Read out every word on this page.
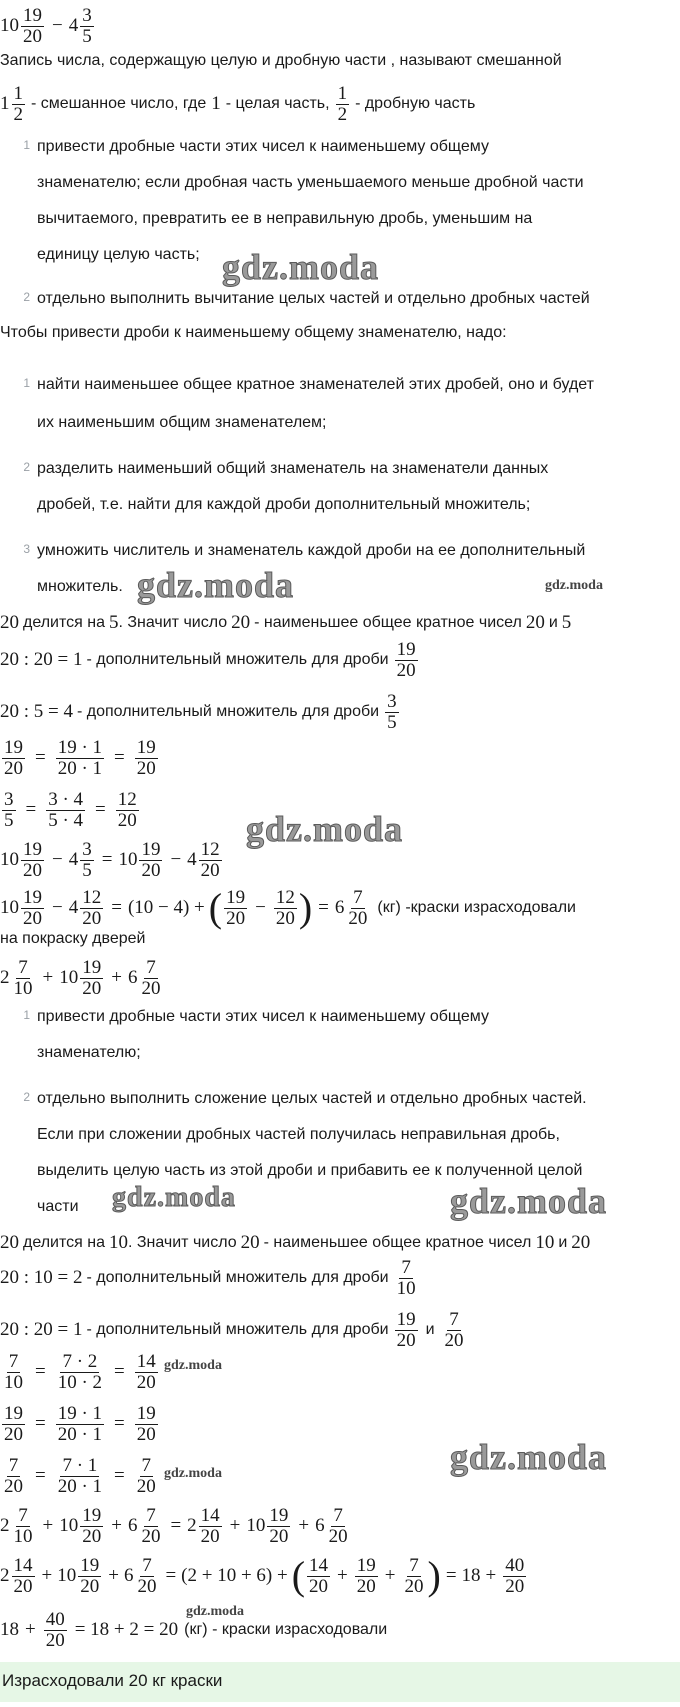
$10 \frac{19}{20} - 4 \frac{3}{5}$
Запись числа, содержащую целую и дробную части , называют смешанной
$1 \frac{1}{2}$ - смешанное число, где 1 - целая часть, $\frac{1}{2}$ - дробную часть
1 привести дробные части этих чисел к наименьшему общему
знаменателю; если дробная часть уменьшаемого меньше дробной части
вычитаемого, превратить ее в неправильную дробь, уменьшим на
единицу целую часть; gdz.moda
2 отдельно выполнить вычитание целых частей и отдельно дробных частей
Чтобы привести дроби к наименьшему общему знаменателю, надо:
1 найти наименьшее общее кратное знаменателей этих дробей, оно и будет
их наименьшим общим знаменателем;
2 разделить наименьший общий знаменатель на знаменатели данных
дробей, т.е. найти для каждой дроби дополнительный множитель;
3 умножить числитель и знаменатель каждой дроби на ее дополнительный
множитель. gdz.moda	gdz.moda
20 делится на 5 . Значит число 20 - наименьшее общее кратное чисел 20 и 5
20 : 20 = 1 - дополнительный множитель для дроби $\frac{19}{20}$
20 : 5 = 4 - дополнительный множитель для дроби $\frac{3}{5}$
$\frac{19}{20} = \frac{19 \cdot 1}{20 \cdot 1} = \frac{19}{20}$
$\frac{3}{5} = \frac{3 \cdot 4}{5 \cdot 4} = \frac{12}{20}$
$10 \frac{19}{20} - 4 \frac{3}{5} = 10 \frac{19}{20} - 4 \frac{12}{20}$
gdz.moda
$10 \frac{19}{20} - 4 \frac{12}{20} = (10 - 4)$ + ( $\frac{19}{20} - \frac{12}{20}$ ) = $6 \frac{7}{20} (кг)$ -краски израсходовали
на покраску дверей
$2 \frac{7}{10} + 10 \frac{19}{20} + 6 \frac{7}{20}$
1 привести дробные части этих чисел к наименьшему общему
знаменателю;
2 отдельно выполнить сложение целых частей и отдельно дробных частей.
Если при сложении дробных частей получилась неправильная дробь,
выделить целую часть из этой дроби и прибавить ее к полученной целой
части gdz.moda	gdz.moda
20 делится на 10 . Значит число 20 - наименьшее общее кратное чисел 10 и 20
20 : 10 = 2 - дополнительный множитель для дроби $\frac{7}{10}$
20 : 20 = 1 - дополнительный множитель для дроби $\frac{19}{20}$ и $\frac{7}{20}$
$\frac{7}{10} = \frac{7 \cdot 2}{10 \cdot 2} = \frac{14}{20}$ gdz.moda
$\frac{19}{20} = \frac{19 \cdot 1}{20 \cdot 1} = \frac{19}{20}$
gdz.moda
$\frac{7}{20} = \frac{7 \cdot 1}{20 \cdot 1} = \frac{7}{20}$ gdz.moda
$2 \frac{7}{10} + 10 \frac{19}{20} + 6 \frac{7}{20} = 2 \frac{14}{20} + 10 \frac{19}{20} + 6 \frac{7}{20}$
$2 \frac{14}{20} + 10 \frac{19}{20} + 6 \frac{7}{20} = (2 + 10 + 6)$ + ( $\frac{14}{20} + \frac{19}{20} + \frac{7}{20}$ ) = $18 + \frac{40}{20}$
gdz.moda
$18 + \frac{40}{20} = 18 + 2 = 20$ (кг) - краски израсходовали
Израсходовали 20 кг краски
